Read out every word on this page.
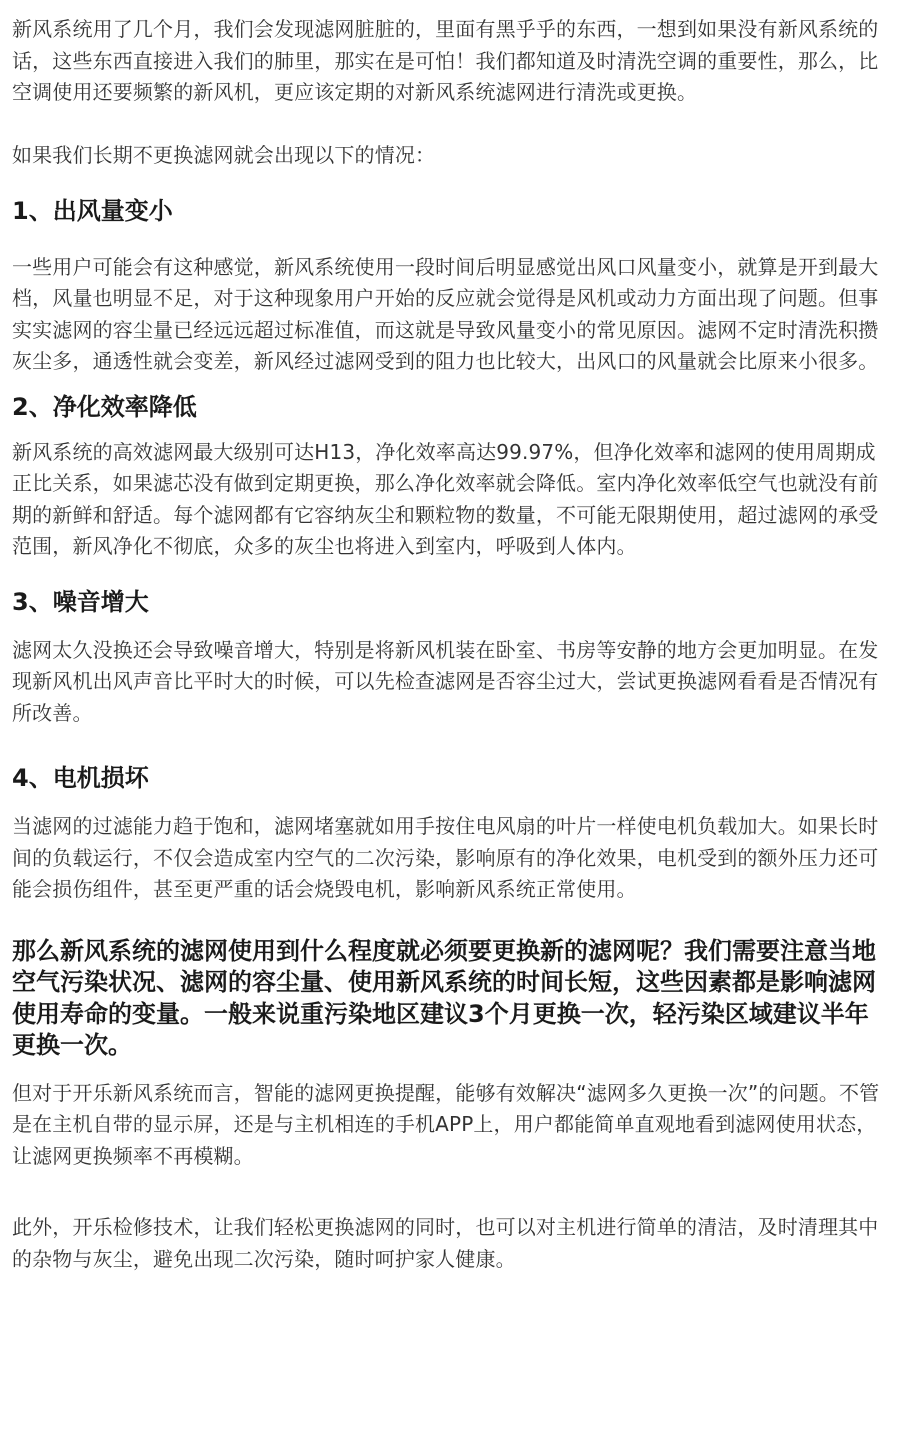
新风系统用了几个月，我们会发现滤网脏脏的，里面有黑乎乎的东西，一想到如果没有新风系统的话，这些东西直接进入我们的肺里，那实在是可怕！我们都知道及时清洗空调的重要性，那么，比空调使用还要频繁的新风机，更应该定期的对新风系统滤网进行清洗或更换。

如果我们长期不更换滤网就会出现以下的情况：

1、出风量变小

一些用户可能会有这种感觉，新风系统使用一段时间后明显感觉出风口风量变小，就算是开到最大档，风量也明显不足，对于这种现象用户开始的反应就会觉得是风机或动力方面出现了问题。但事实实滤网的容尘量已经远远超过标准值，而这就是导致风量变小的常见原因。滤网不定时清洗积攒灰尘多，通透性就会变差，新风经过滤网受到的阻力也比较大，出风口的风量就会比原来小很多。

2、净化效率降低

新风系统的高效滤网最大级别可达H13，净化效率高达99.97%，但净化效率和滤网的使用周期成正比关系，如果滤芯没有做到定期更换，那么净化效率就会降低。室内净化效率低空气也就没有前期的新鲜和舒适。每个滤网都有它容纳灰尘和颗粒物的数量，不可能无限期使用，超过滤网的承受范围，新风净化不彻底，众多的灰尘也将进入到室内，呼吸到人体内。

3、噪音增大

滤网太久没换还会导致噪音增大，特别是将新风机装在卧室、书房等安静的地方会更加明显。在发现新风机出风声音比平时大的时候，可以先检查滤网是否容尘过大，尝试更换滤网看看是否情况有所改善。

4、电机损坏

当滤网的过滤能力趋于饱和，滤网堵塞就如用手按住电风扇的叶片一样使电机负载加大。如果长时间的负载运行，不仅会造成室内空气的二次污染，影响原有的净化效果，电机受到的额外压力还可能会损伤组件，甚至更严重的话会烧毁电机，影响新风系统正常使用。

那么新风系统的滤网使用到什么程度就必须要更换新的滤网呢？我们需要注意当地空气污染状况、滤网的容尘量、使用新风系统的时间长短，这些因素都是影响滤网使用寿命的变量。一般来说重污染地区建议3个月更换一次，轻污染区域建议半年更换一次。

但对于开乐新风系统而言，智能的滤网更换提醒，能够有效解决“滤网多久更换一次”的问题。不管是在主机自带的显示屏，还是与主机相连的手机APP上，用户都能简单直观地看到滤网使用状态，让滤网更换频率不再模糊。

此外，开乐检修技术，让我们轻松更换滤网的同时，也可以对主机进行简单的清洁，及时清理其中的杂物与灰尘，避免出现二次污染，随时呵护家人健康。
